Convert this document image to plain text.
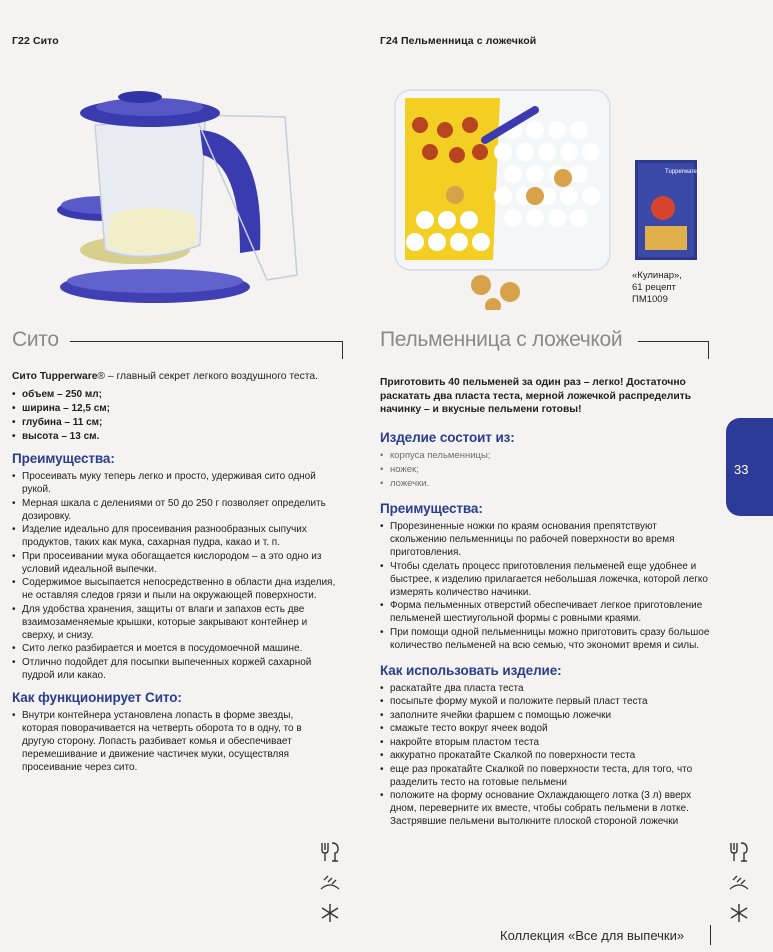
Г22 Сито	Г24 Пельменница с ложечкой
Tupperware
«Кулинар»,
61 рецепт
ПМ1009
Сито	Пельменница с ложечкой
Сито Tupperware® – главный секрет легкого воздушного теста.
• объем – 250 мл;
• ширина – 12,5 см;
• глубина – 11 см;
• высота – 13 см.
Преимущества:
• Просеивать муку теперь легко и просто, удерживая сито одной рукой.
• Мерная шкала с делениями от 50 до 250 г позволяет определить дозировку.
• Изделие идеально для просеивания разнообразных сыпучих продуктов, таких как мука, сахарная пудра, какао и т. п.
• При просеивании мука обогащается кислородом – а это одно из условий идеальной выпечки.
• Содержимое высыпается непосредственно в области дна изделия, не оставляя следов грязи и пыли на окружающей поверхности.
• Для удобства хранения, защиты от влаги и запахов есть две взаимозаменяемые крышки, которые закрывают контейнер и сверху, и снизу.
• Сито легко разбирается и моется в посудомоечной машине.
• Отлично подойдет для посыпки выпеченных коржей сахарной пудрой или какао.
Как функционирует Сито:
• Внутри контейнера установлена лопасть в форме звезды, которая поворачивается на четверть оборота то в одну, то в другую сторону. Лопасть разбивает комья и обеспечивает перемешивание и движение частичек муки, осуществляя просеивание через сито.
Приготовить 40 пельменей за один раз – легко! Достаточно раскатать два пласта теста, мерной ложечкой распределить начинку – и вкусные пельмени готовы!
Изделие состоит из:
• корпуса пельменницы;
• ножек;
• ложечки.
Преимущества:
• Прорезиненные ножки по краям основания препятствуют скольжению пельменницы по рабочей поверхности во время приготовления.
• Чтобы сделать процесс приготовления пельменей еще удобнее и быстрее, к изделию прилагается небольшая ложечка, которой легко измерять количество начинки.
• Форма пельменных отверстий обеспечивает легкое приготовление пельменей шестиугольной формы с ровными краями.
• При помощи одной пельменницы можно приготовить сразу большое количество пельменей на всю семью, что экономит время и силы.
Как использовать изделие:
• раскатайте два пласта теста
• посыпьте форму мукой и положите первый пласт теста
• заполните ячейки фаршем с помощью ложечки
• смажьте тесто вокруг ячеек водой
• накройте вторым пластом теста
• аккуратно прокатайте Скалкой по поверхности теста
• еще раз прокатайте Скалкой по поверхности теста, для того, что разделить тесто на готовые пельмени
• положите на форму основание Охлаждающего лотка (3 л) вверх дном, переверните их вместе, чтобы собрать пельмени в лотке. Застрявшие пельмени вытолкните плоской стороной ложечки
33
Коллекция «Все для выпечки»
